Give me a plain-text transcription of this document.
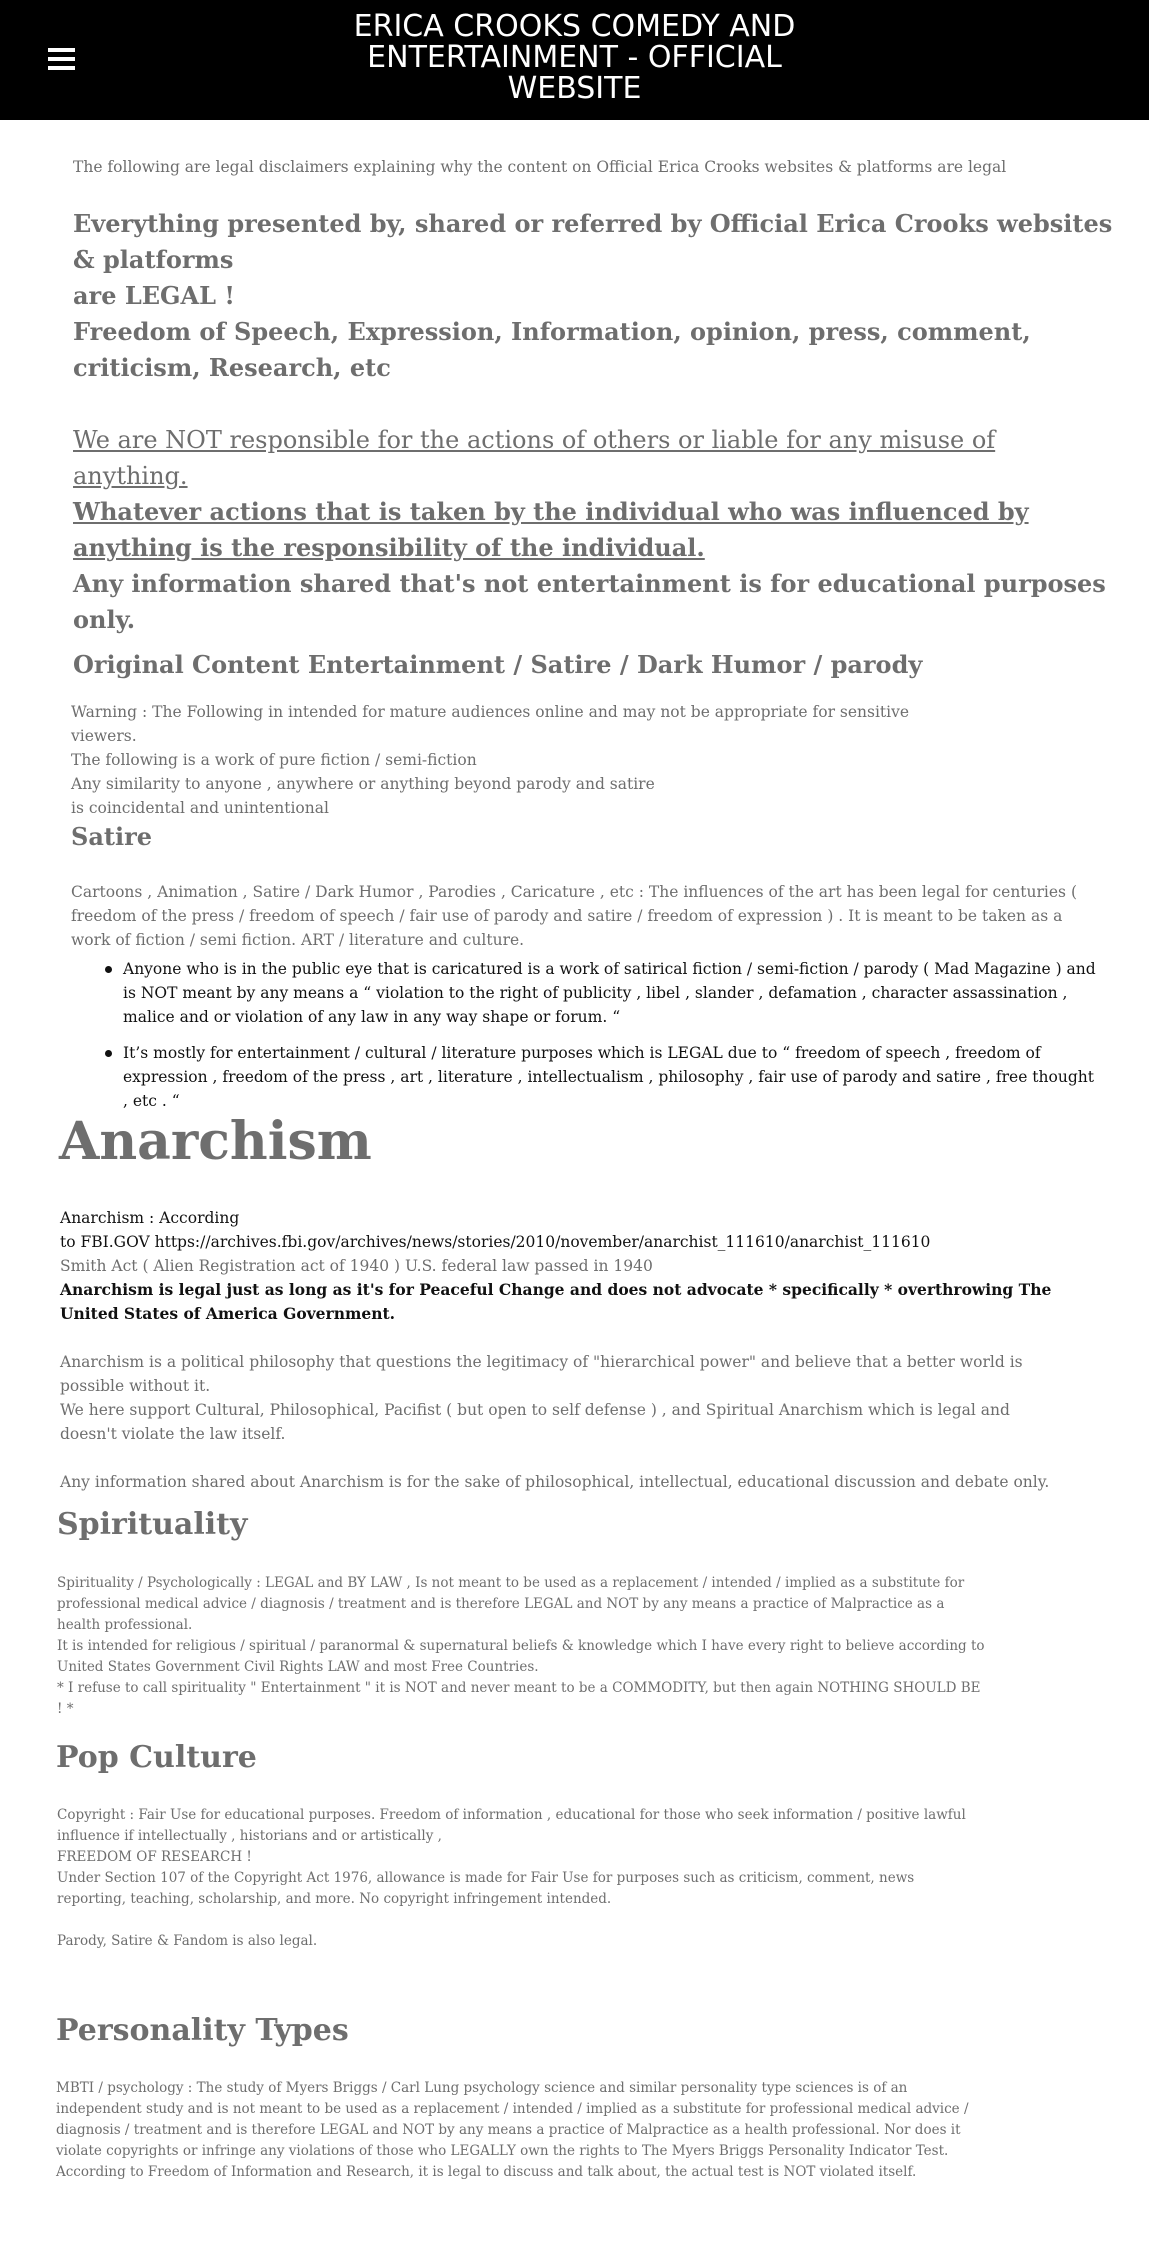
ERICA CROOKS COMEDY AND ENTERTAINMENT - OFFICIAL WEBSITE
The following are legal disclaimers explaining why the content on Official Erica Crooks websites & platforms are legal

Everything presented by, shared or referred by Official Erica Crooks websites & platforms

are LEGAL !

Freedom of Speech, Expression, Information, opinion, press, comment, criticism, Research, etc

We are NOT responsible for the actions of others or liable for any misuse of anything.

Whatever actions that is taken by the individual who was influenced by anything is the responsibility of the individual.

Any information shared that's not entertainment is for educational purposes only.

Original Content Entertainment / Satire / Dark Humor / parody
Warning : The Following in intended for mature audiences online and may not be appropriate for sensitive viewers.
The following is a work of pure fiction / semi-fiction
Any similarity to anyone , anywhere or anything beyond parody and satire
is coincidental and unintentional
Satire
Cartoons , Animation , Satire / Dark Humor , Parodies , Caricature , etc : The influences of the art has been legal for centuries ( freedom of the press / freedom of speech / fair use of parody and satire / freedom of expression ) . It is meant to be taken as a work of fiction / semi fiction. ART / literature and culture.
Anyone who is in the public eye that is caricatured is a work of satirical fiction / semi-fiction / parody ( Mad Magazine ) and is NOT meant by any means a “ violation to the right of publicity , libel , slander , defamation , character assassination , malice and or violation of any law in any way shape or forum. “
It’s mostly for entertainment / cultural / literature purposes which is LEGAL due to “ freedom of speech , freedom of expression , freedom of the press , art , literature , intellectualism , philosophy , fair use of parody and satire , free thought , etc . “
Anarchism
Anarchism : According
to FBI.GOV https://archives.fbi.gov/archives/news/stories/2010/november/anarchist_111610/anarchist_111610
Smith Act ( Alien Registration act of 1940 ) U.S. federal law passed in 1940
Anarchism is legal just as long as it's for Peaceful Change and does not advocate * specifically * overthrowing The United States of America Government.
Anarchism is a political philosophy that questions the legitimacy of "hierarchical power" and believe that a better world is possible without it.
We here support Cultural, Philosophical, Pacifist ( but open to self defense ) , and Spiritual Anarchism which is legal and doesn't violate the law itself.
Any information shared about Anarchism is for the sake of philosophical, intellectual, educational discussion and debate only.
Spirituality
Spirituality / Psychologically : LEGAL and BY LAW , Is not meant to be used as a replacement / intended / implied as a substitute for professional medical advice / diagnosis / treatment and is therefore LEGAL and NOT by any means a practice of Malpractice as a health professional.
It is intended for religious / spiritual / paranormal & supernatural beliefs & knowledge which I have every right to believe according to United States Government Civil Rights LAW and most Free Countries.
* I refuse to call spirituality " Entertainment " it is NOT and never meant to be a COMMODITY, but then again NOTHING SHOULD BE ! *
Pop Culture
Copyright : Fair Use for educational purposes. Freedom of information , educational for those who seek information / positive lawful influence if intellectually , historians and or artistically ,
FREEDOM OF RESEARCH !
Under Section 107 of the Copyright Act 1976, allowance is made for Fair Use for purposes such as criticism, comment, news reporting, teaching, scholarship, and more. No copyright infringement intended.
Parody, Satire & Fandom is also legal.
Personality Types
MBTI / psychology : The study of Myers Briggs / Carl Lung psychology science and similar personality type sciences is of an independent study and is not meant to be used as a replacement / intended / implied as a substitute for professional medical advice / diagnosis / treatment and is therefore LEGAL and NOT by any means a practice of Malpractice as a health professional. Nor does it violate copyrights or infringe any violations of those who LEGALLY own the rights to The Myers Briggs Personality Indicator Test.
According to Freedom of Information and Research, it is legal to discuss and talk about, the actual test is NOT violated itself.
